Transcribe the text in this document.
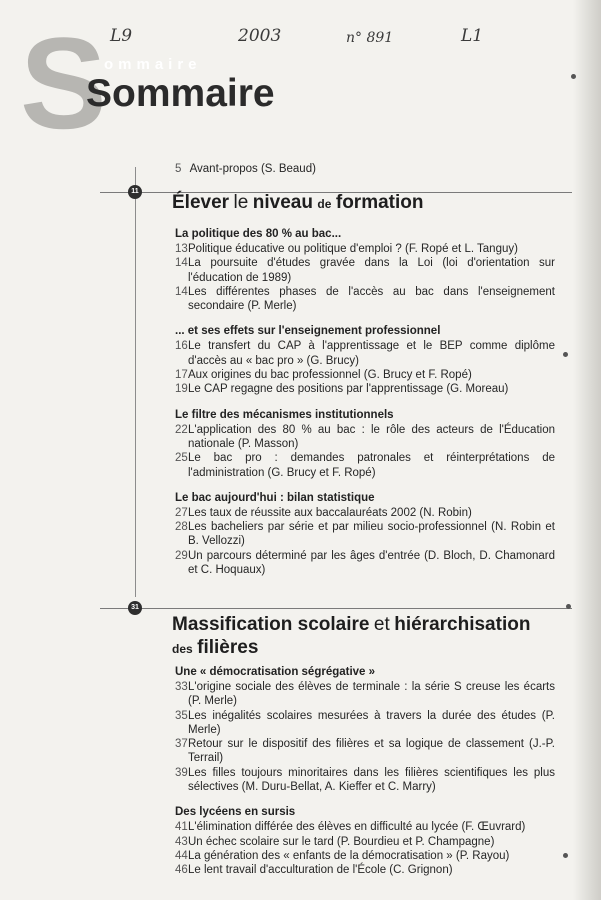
L9	2003	n° 891	L1
S
ommaire
Sommaire
5 Avant-propos (S. Beaud)
11
Élever le niveau de formation
La politique des 80 % au bac...
13 Politique éducative ou politique d'emploi ? (F. Ropé et L. Tanguy)
14 La poursuite d'études gravée dans la Loi (loi d'orientation sur l'éducation de 1989)
14 Les différentes phases de l'accès au bac dans l'enseignement secondaire (P. Merle)
... et ses effets sur l'enseignement professionnel
16 Le transfert du CAP à l'apprentissage et le BEP comme diplôme d'accès au « bac pro » (G. Brucy)
17 Aux origines du bac professionnel (G. Brucy et F. Ropé)
19 Le CAP regagne des positions par l'apprentissage (G. Moreau)
Le filtre des mécanismes institutionnels
22 L'application des 80 % au bac : le rôle des acteurs de l'Éducation nationale (P. Masson)
25 Le bac pro : demandes patronales et réinterprétations de l'administration (G. Brucy et F. Ropé)
Le bac aujourd'hui : bilan statistique
27 Les taux de réussite aux baccalauréats 2002 (N. Robin)
28 Les bacheliers par série et par milieu socio-professionnel (N. Robin et B. Vellozzi)
29 Un parcours déterminé par les âges d'entrée (D. Bloch, D. Chamonard et C. Hoquaux)
31
Massification scolaire et hiérarchisation
des filières
Une « démocratisation ségrégative »
33 L'origine sociale des élèves de terminale : la série S creuse les écarts (P. Merle)
35 Les inégalités scolaires mesurées à travers la durée des études (P. Merle)
37 Retour sur le dispositif des filières et sa logique de classement (J.-P. Terrail)
39 Les filles toujours minoritaires dans les filières scientifiques les plus sélectives (M. Duru-Bellat, A. Kieffer et C. Marry)
Des lycéens en sursis
41 L'élimination différée des élèves en difficulté au lycée (F. Œuvrard)
43 Un échec scolaire sur le tard (P. Bourdieu et P. Champagne)
44 La génération des « enfants de la démocratisation » (P. Rayou)
46 Le lent travail d'acculturation de l'École (C. Grignon)
